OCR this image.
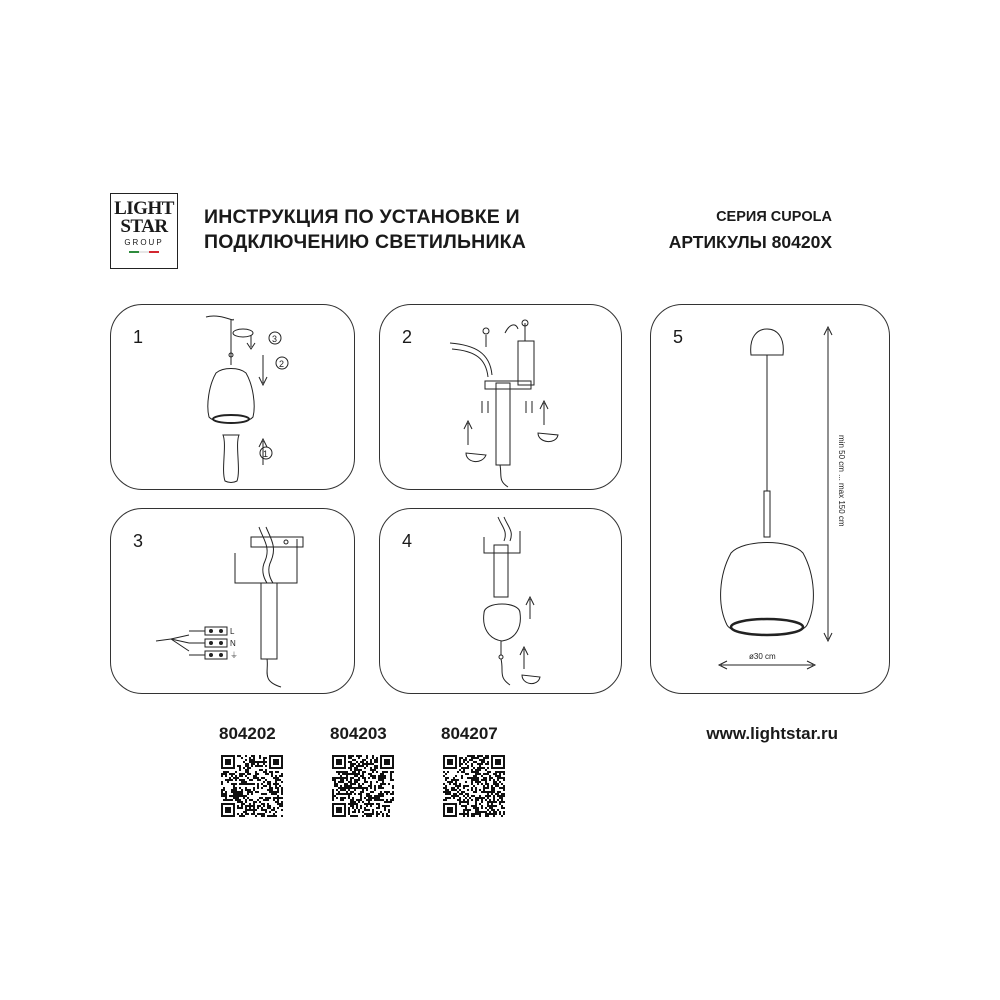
LIGHT
STAR
GROUP
ИНСТРУКЦИЯ ПО УСТАНОВКЕ И
ПОДКЛЮЧЕНИЮ СВЕТИЛЬНИКА
СЕРИЯ CUPOLA
АРТИКУЛЫ 80420X
1	3
2
1
2
3
L
N
⏚
4
5
min 50 cm ... max 150 cm
ø30 cm
804202	804203	804207	www.lightstar.ru
